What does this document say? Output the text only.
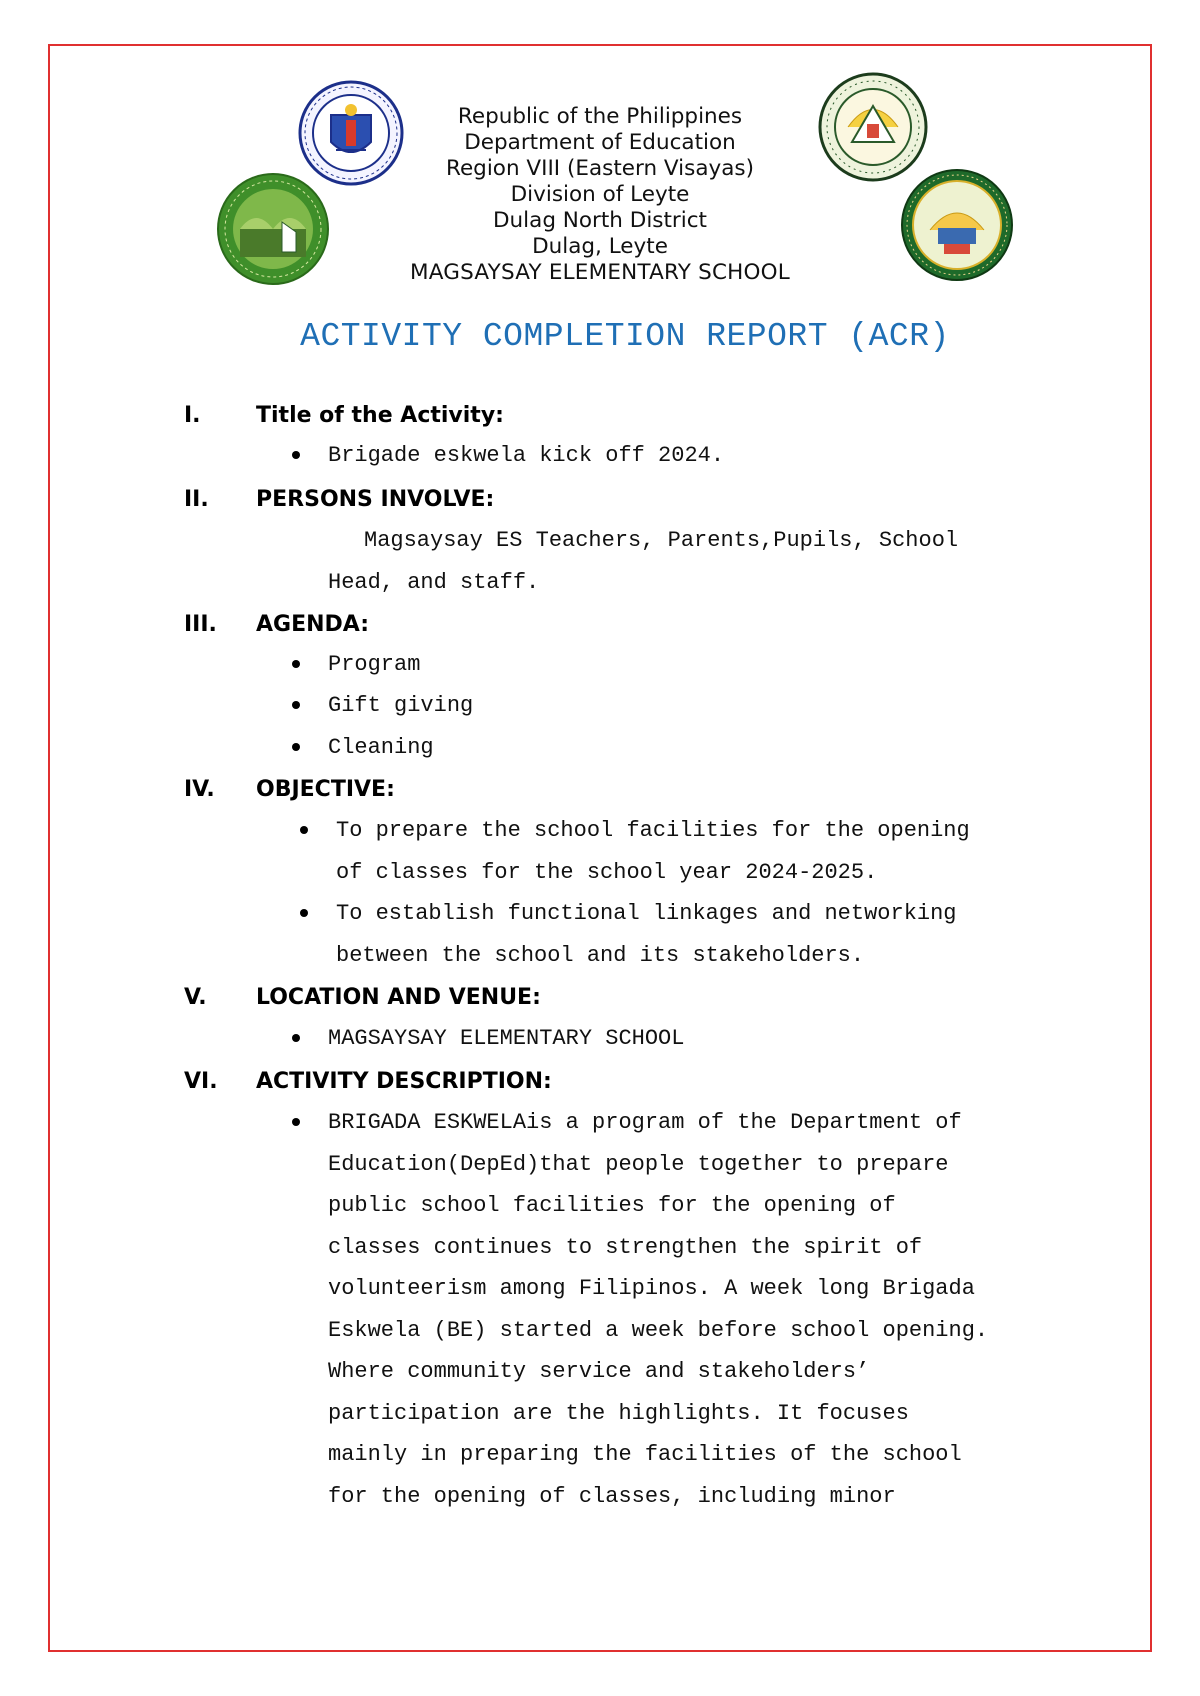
Republic of the Philippines
Department of Education
Region VIII (Eastern Visayas)
Division of Leyte
Dulag North District
Dulag, Leyte
MAGSAYSAY ELEMENTARY SCHOOL
ACTIVITY COMPLETION REPORT (ACR)
I.	Title of the Activity:
Brigade eskwela kick off 2024.
II. PERSONS INVOLVE:
Magsaysay ES Teachers, Parents,Pupils, School
Head, and staff.
III. AGENDA:
Program
Gift giving
Cleaning
IV. OBJECTIVE:
To prepare the school facilities for the opening
of classes for the school year 2024-2025.
To establish functional linkages and networking
between the school and its stakeholders.
V. LOCATION AND VENUE:
MAGSAYSAY ELEMENTARY SCHOOL
VI. ACTIVITY DESCRIPTION:
BRIGADA ESKWELAis a program of the Department of
Education(DepEd)that people together to prepare
public school facilities for the opening of
classes continues to strengthen the spirit of
volunteerism among Filipinos. A week long Brigada
Eskwela (BE) started a week before school opening.
Where community service and stakeholders’
participation are the highlights. It focuses
mainly in preparing the facilities of the school
for the opening of classes, including minor
